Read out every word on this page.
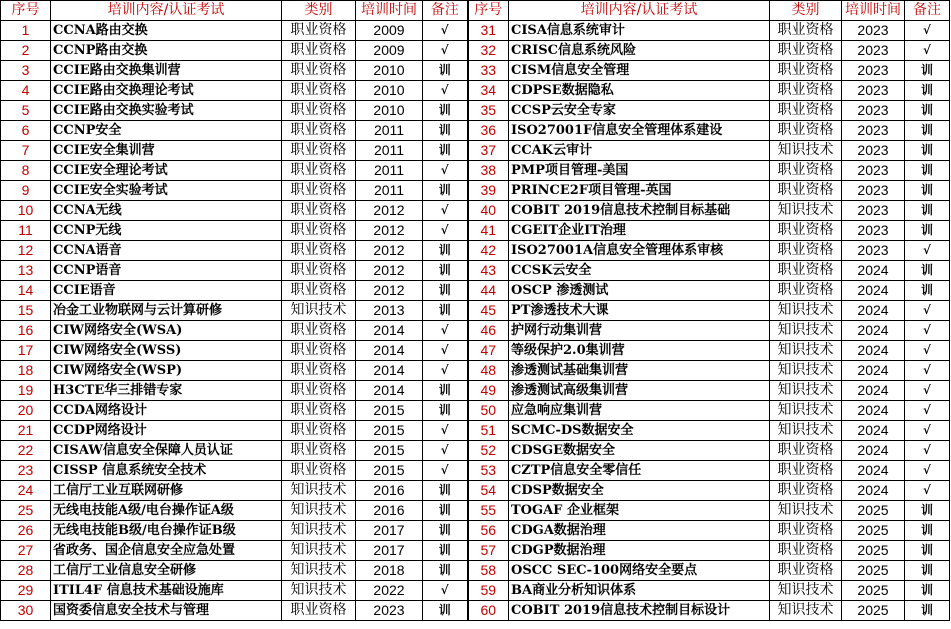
序号	培训内容/认证考试	类别	培训时间	备注	序号	培训内容/认证考试	类别	培训时间	备注
1	CCNA路由交换	职业资格	2009	√	31	CISA信息系统审计	职业资格	2023	√
2	CCNP路由交换	职业资格	2009	√	32	CRISC信息系统风险	职业资格	2023	√
3	CCIE路由交换集训营	职业资格	2010	训	33	CISM信息安全管理	职业资格	2023	训
4	CCIE路由交换理论考试	职业资格	2010	√	34	CDPSE数据隐私	职业资格	2023	训
5	CCIE路由交换实验考试	职业资格	2010	训	35	CCSP云安全专家	职业资格	2023	训
6	CCNP安全	职业资格	2011	训	36	ISO27001F信息安全管理体系建设	职业资格	2023	训
7	CCIE安全集训营	职业资格	2011	训	37	CCAK云审计	知识技术	2023	训
8	CCIE安全理论考试	职业资格	2011	√	38	PMP项目管理-美国	职业资格	2023	训
9	CCIE安全实验考试	职业资格	2011	训	39	PRINCE2F项目管理-英国	职业资格	2023	训
10	CCNA无线	职业资格	2012	√	40	COBIT 2019信息技术控制目标基础	知识技术	2023	训
11	CCNP无线	职业资格	2012	√	41	CGEIT企业IT治理	职业资格	2023	训
12	CCNA语音	职业资格	2012	训	42	ISO27001A信息安全管理体系审核	职业资格	2023	√
13	CCNP语音	职业资格	2012	训	43	CCSK云安全	职业资格	2024	训
14	CCIE语音	职业资格	2012	训	44	OSCP 渗透测试	职业资格	2024	训
15	冶金工业物联网与云计算研修	知识技术	2013	训	45	PT渗透技术大课	知识技术	2024	√
16	CIW网络安全(WSA)	职业资格	2014	√	46	护网行动集训营	知识技术	2024	√
17	CIW网络安全(WSS)	职业资格	2014	√	47	等级保护2.0集训营	知识技术	2024	√
18	CIW网络安全(WSP)	职业资格	2014	√	48	渗透测试基础集训营	知识技术	2024	√
19	H3CTE华三排错专家	职业资格	2014	训	49	渗透测试高级集训营	知识技术	2024	√
20	CCDA网络设计	职业资格	2015	训	50	应急响应集训营	知识技术	2024	√
21	CCDP网络设计	职业资格	2015	√	51	SCMC-DS数据安全	知识技术	2024	√
22	CISAW信息安全保障人员认证	职业资格	2015	√	52	CDSGE数据安全	职业资格	2024	√
23	CISSP 信息系统安全技术	职业资格	2015	√	53	CZTP信息安全零信任	职业资格	2024	√
24	工信厅工业互联网研修	知识技术	2016	训	54	CDSP数据安全	职业资格	2024	√
25	无线电技能A级/电台操作证A级	知识技术	2016	训	55	TOGAF 企业框架	知识技术	2025	训
26	无线电技能B级/电台操作证B级	知识技术	2017	训	56	CDGA数据治理	职业资格	2025	训
27	省政务、国企信息安全应急处置	知识技术	2017	训	57	CDGP数据治理	职业资格	2025	训
28	工信厅工业信息安全研修	知识技术	2018	训	58	OSCC SEC-100网络安全要点	职业资格	2025	训
29	ITIL4F 信息技术基础设施库	知识技术	2022	√	59	BA商业分析知识体系	知识技术	2025	训
30	国资委信息安全技术与管理	职业资格	2023	训	60	COBIT 2019信息技术控制目标设计	知识技术	2025	训
